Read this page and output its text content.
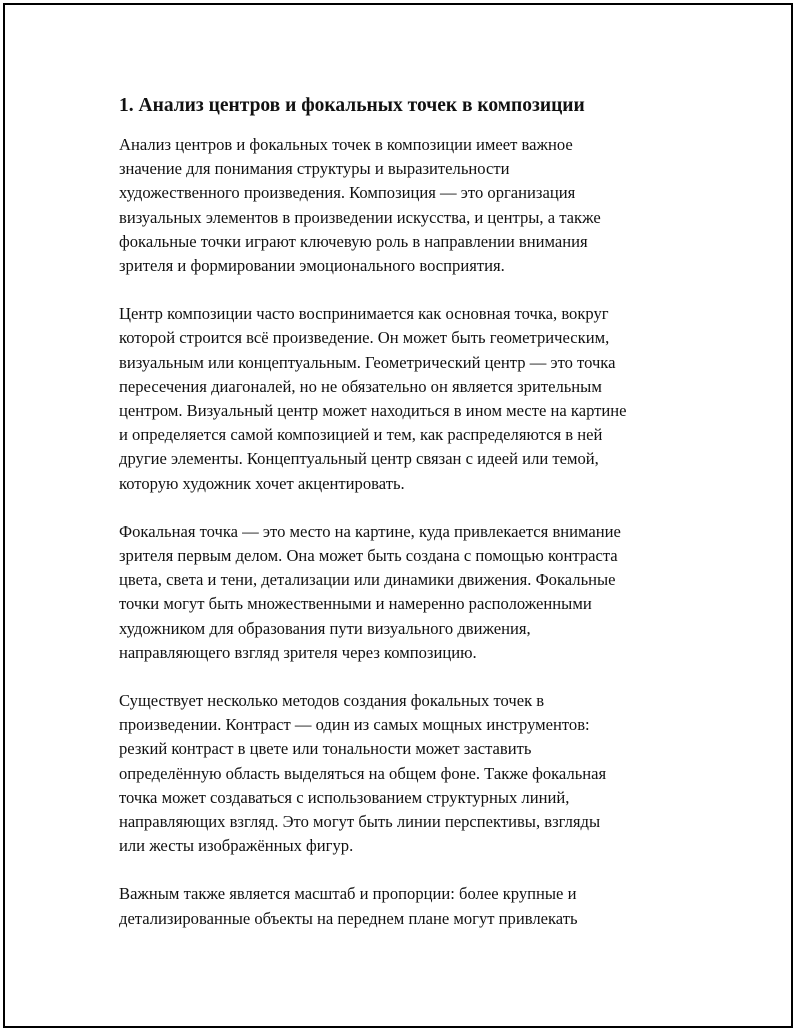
1. Анализ центров и фокальных точек в композиции

Анализ центров и фокальных точек в композиции имеет важное
значение для понимания структуры и выразительности
художественного произведения. Композиция — это организация
визуальных элементов в произведении искусства, и центры, а также
фокальные точки играют ключевую роль в направлении внимания
зрителя и формировании эмоционального восприятия.

Центр композиции часто воспринимается как основная точка, вокруг
которой строится всё произведение. Он может быть геометрическим,
визуальным или концептуальным. Геометрический центр — это точка
пересечения диагоналей, но не обязательно он является зрительным
центром. Визуальный центр может находиться в ином месте на картине
и определяется самой композицией и тем, как распределяются в ней
другие элементы. Концептуальный центр связан с идеей или темой,
которую художник хочет акцентировать.

Фокальная точка — это место на картине, куда привлекается внимание
зрителя первым делом. Она может быть создана с помощью контраста
цвета, света и тени, детализации или динамики движения. Фокальные
точки могут быть множественными и намеренно расположенными
художником для образования пути визуального движения,
направляющего взгляд зрителя через композицию.

Существует несколько методов создания фокальных точек в
произведении. Контраст — один из самых мощных инструментов:
резкий контраст в цвете или тональности может заставить
определённую область выделяться на общем фоне. Также фокальная
точка может создаваться с использованием структурных линий,
направляющих взгляд. Это могут быть линии перспективы, взгляды
или жесты изображённых фигур.

Важным также является масштаб и пропорции: более крупные и
детализированные объекты на переднем плане могут привлекать
